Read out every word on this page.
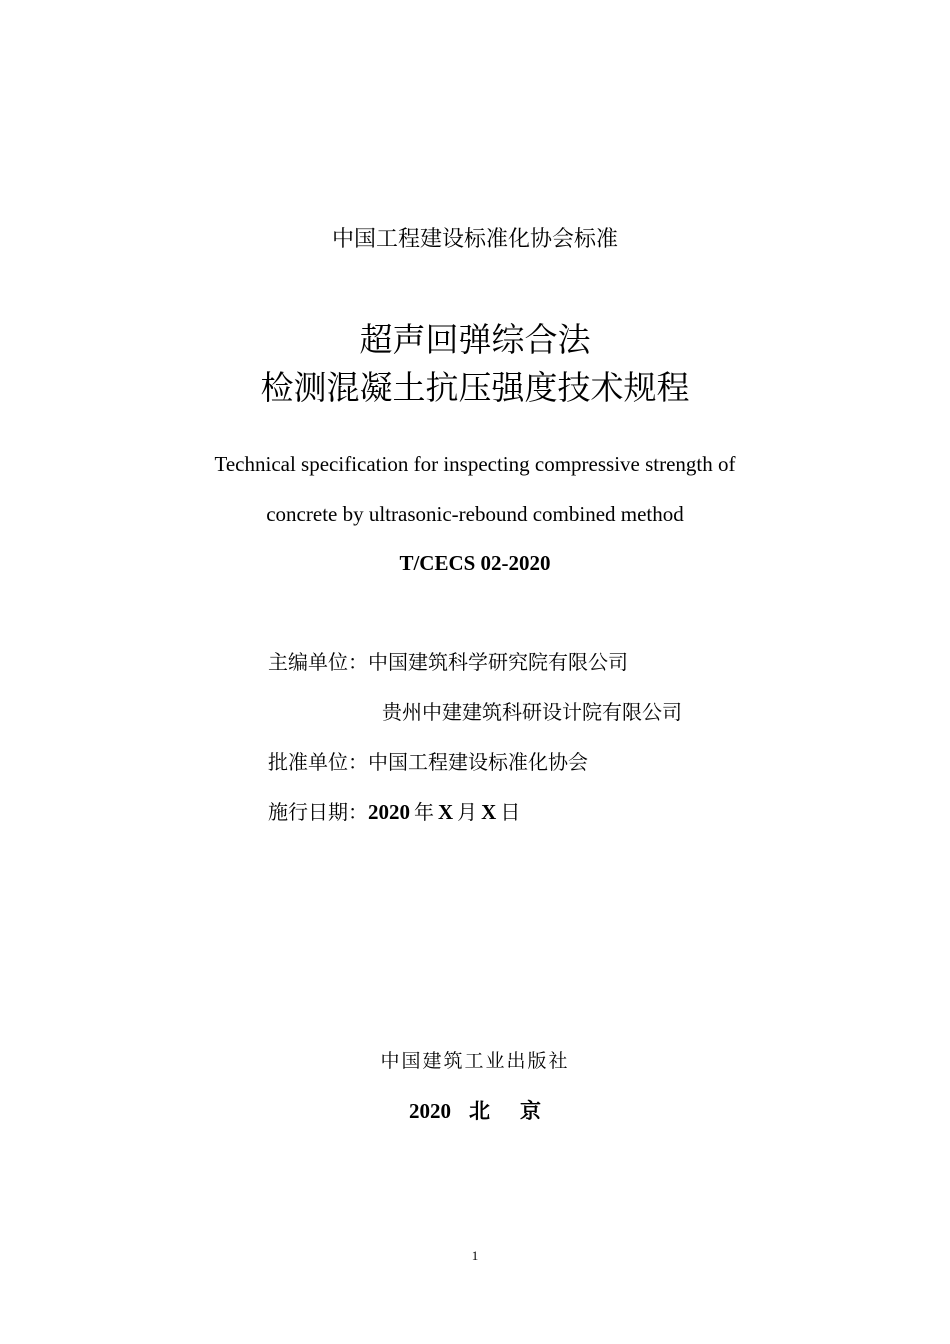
中国工程建设标准化协会标准
超声回弹综合法
检测混凝土抗压强度技术规程
Technical specification for inspecting compressive strength of
concrete by ultrasonic-rebound combined method
T/CECS 02-2020
主编单位：中国建筑科学研究院有限公司
贵州中建建筑科研设计院有限公司
批准单位：中国工程建设标准化协会
施行日期：2020 年 X 月 X 日
中国建筑工业出版社
2020 北 京
1
